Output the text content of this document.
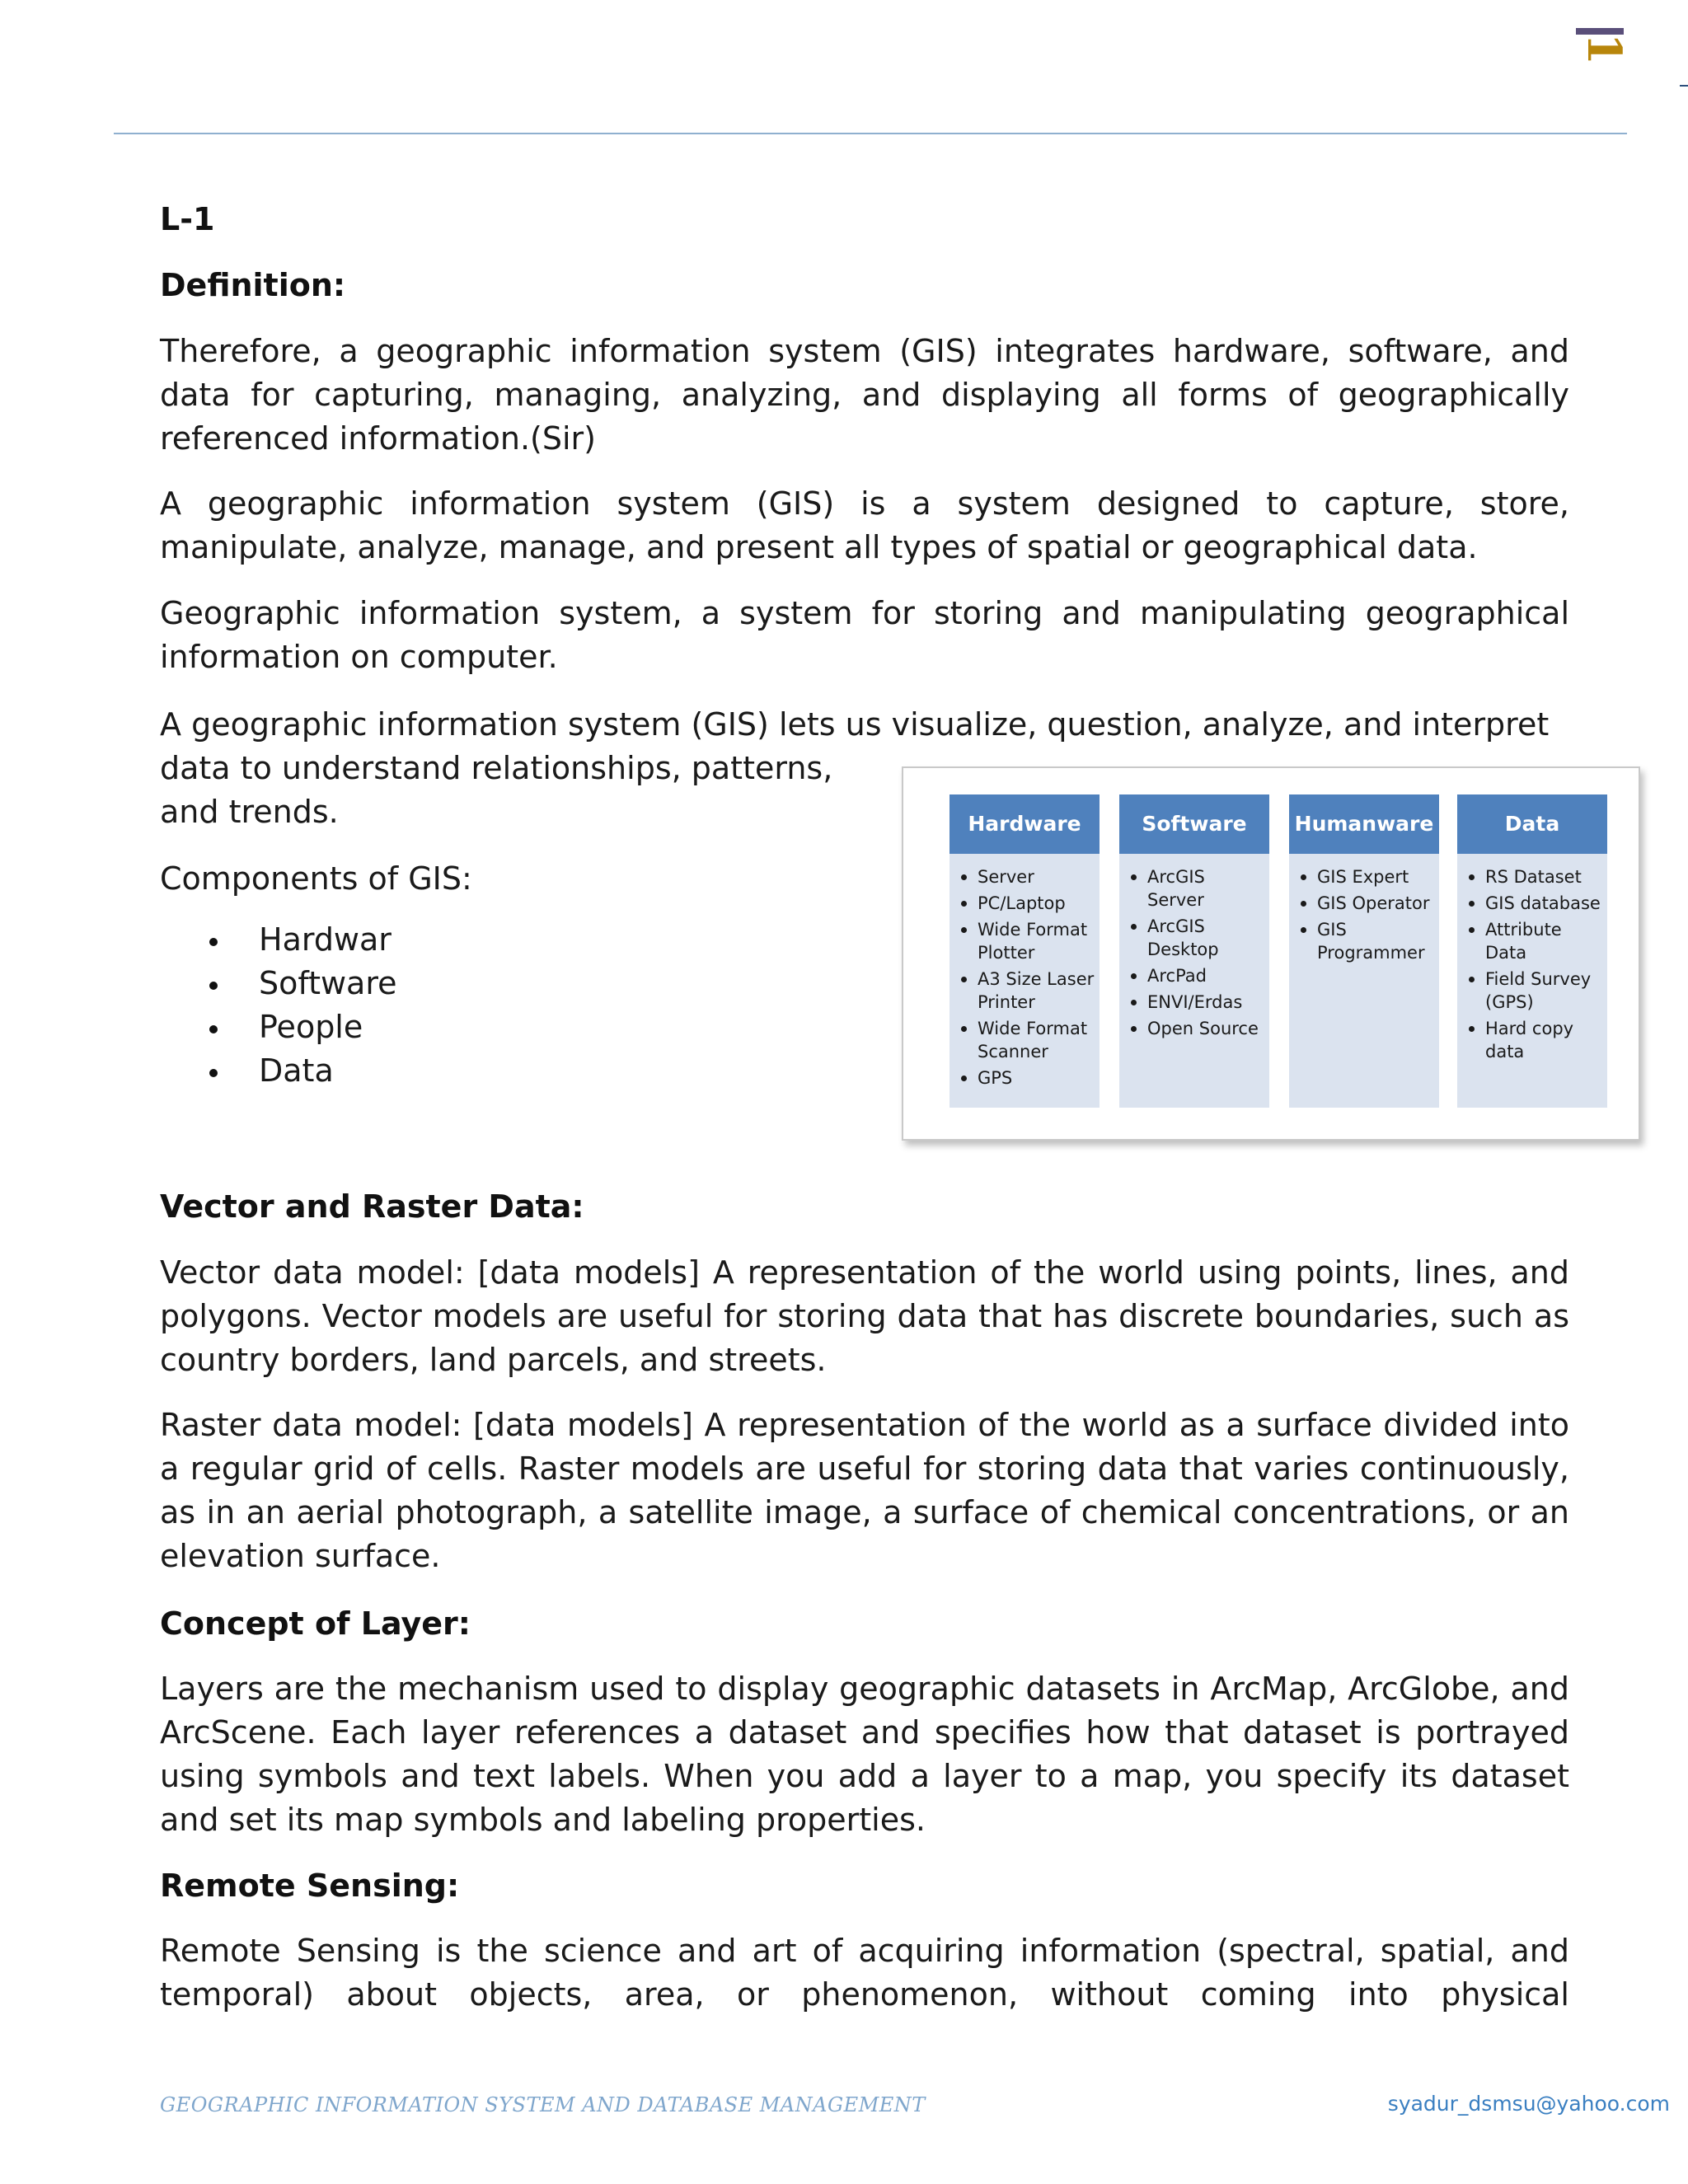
1
L-1
Definition:

Therefore, a geographic information system (GIS) integrates hardware, software, and data for capturing, managing, analyzing, and displaying all forms of geographically referenced information.(Sir)

A geographic information system (GIS) is a system designed to capture, store, manipulate, analyze, manage, and present all types of spatial or geographical data.

Geographic information system, a system for storing and manipulating geographical information on computer.

A geographic information system (GIS) lets us visualize, question, analyze, and interpret

data to understand relationships, patterns, and trends.

Components of GIS:
Hardwar
Software
People
Data
Vector and Raster Data:

Vector data model: [data models] A representation of the world using points, lines, and polygons. Vector models are useful for storing data that has discrete boundaries, such as country borders, land parcels, and streets.

Raster data model: [data models] A representation of the world as a surface divided into a regular grid of cells. Raster models are useful for storing data that varies continuously, as in an aerial photograph, a satellite image, a surface of chemical concentrations, or an elevation surface.

Concept of Layer:

Layers are the mechanism used to display geographic datasets in ArcMap, ArcGlobe, and ArcScene. Each layer references a dataset and specifies how that dataset is portrayed using symbols and text labels. When you add a layer to a map, you specify its dataset and set its map symbols and labeling properties.

Remote Sensing:

Remote Sensing is the science and art of acquiring information (spectral, spatial, and temporal) about objects, area, or phenomenon, without coming into physical

Hardware
Server
PC/Laptop
Wide Format Plotter
A3 Size Laser Printer
Wide Format Scanner
GPS
Software
ArcGIS Server
ArcGIS Desktop
ArcPad
ENVI/Erdas
Open Source
Humanware
GIS Expert
GIS Operator
GIS Programmer
Data
RS Dataset
GIS database
Attribute Data
Field Survey (GPS)
Hard copy data
GEOGRAPHIC INFORMATION SYSTEM AND DATABASE MANAGEMENT	syadur_dsmsu@yahoo.com
